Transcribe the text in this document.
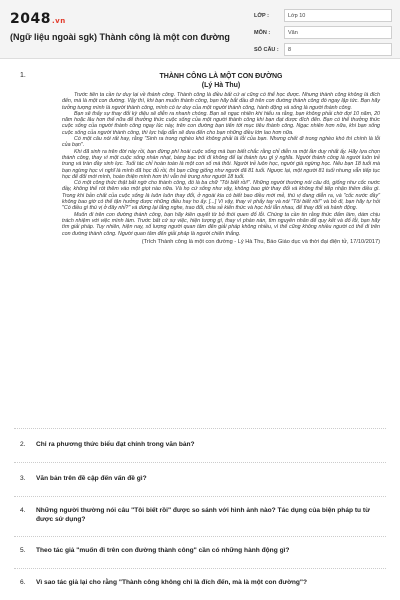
2048.vn
(Ngữ liệu ngoài sgk) Thành công là một con đường
LỚP :	Lớp 10
MÔN :	Văn
SỐ CÂU :	8
1.	THÀNH CÔNG LÀ MỘT CON ĐƯỜNG
(Lý Hà Thu)

Trước tiên ta cần tư duy lại về thành công. Thành công là điều bất cứ ai cũng có thể học được. Nhưng thành công không là đích đến, mà là một con đường. Vậy thì, khi bạn muốn thành công, bạn hãy bắt đầu đi trên con đường thành công đó ngay lập tức. Bạn hãy tưởng tượng mình là người thành công, mình có tư duy của một người thành công, hành động và sống là người thành công.

Bạn sẽ thấy sự thay đổi kỳ diệu sẽ diễn ra nhanh chóng. Bạn sẽ ngạc nhiên khi hiểu ra rằng, bạn không phải chờ đợi 10 năm, 20 năm hoặc lâu hơn thế nữa để thưởng thức cuộc sống của một người thành công khi bạn đạt được đích đến. Bạn có thể thưởng thức cuộc sống của người thành công ngay lúc này, trên con đường bạn tiến tới mục tiêu thành công. Ngạc nhiên hơn nữa, khi bạn sống cuộc sống của người thành công, thì lực hấp dẫn sẽ đưa đến cho bạn những điều lớn lao hơn nữa.

Có một câu nói rất hay, rằng "Sinh ra trong nghèo khó không phải là lỗi của bạn. Nhưng chết đi trong nghèo khó thì chính là lỗi của bạn".

Khi đã sinh ra trên đời này rồi, bạn đừng phí hoài cuộc sống mà bạn biết chắc rằng chỉ diễn ra một lần duy nhất ấy. Hãy lựa chọn thành công, thay vì một cuộc sống nhàn nhạt, bàng bạc trôi đi không để lại thành tựu gì ý nghĩa. Người thành công là người luôn trẻ trung và tràn đầy sinh lực. Tuổi tác chỉ hoàn toàn là một con số mà thôi. Người trẻ luôn học, người già ngừng học. Nếu bạn 18 tuổi mà bạn ngừng học vì nghĩ là mình đã học đủ rồi, thì bạn cũng giống như người đã 81 tuổi. Ngược lại, một người 81 tuổi nhưng vẫn tiếp tục học để đổi mới mình, hoàn thiện mình hơn thì vẫn trẻ trung như người 18 tuổi.

Có một công thức thật bất ngờ cho thành công, đó là ba chữ "Tôi biết rồi!". Những người thường nói câu đó, giống như cốc nước đầy, không thể rót thêm vào một giọt nào nữa. Và họ cứ sống như vậy, không bao giờ thay đổi và không thể tiếp nhận thêm điều gì. Trong khi bản chất của cuộc sống là luôn luôn thay đổi, ở ngoài kia có biết bao điều mới mẻ, thú vị đang diễn ra, và "cốc nước đầy" không bao giờ có thể tận hưởng được những điều hay ho ấy. [...] Vì vậy, thay vì phẩy tay và nói "Tôi biết rồi!" và bỏ đi, bạn hãy tự hỏi "Có điều gì thú vị ở đây nhỉ?" và dừng lại lắng nghe, trao đổi, chia sẻ kiến thức và học hỏi lẫn nhau, để thay đổi và hành động.

Muốn đi trên con đường thành công, bạn hãy kiên quyết từ bỏ thói quen đổ lỗi. Chúng ta cần tin rằng thức đẩm làm, dám chịu trách nhiệm với việc mình làm. Trước bất cứ sự việc, hiện tượng gì, thay vì phàn nàn, tìm nguyên nhân để quy kết và đổ lỗi, bạn hãy tìm giải pháp. Tuy nhiên, hiện nay, số lượng người quan tâm đến giải pháp không nhiều, vì thế cũng không nhiều người có thể đi trên con đường thành công. Người quan tâm đến giải pháp là người chiến thắng.

(Trích Thành công là một con đường - Lý Hà Thu, Báo Giáo dục và thời đại điện tử, 17/10/2017)
2. Chỉ ra phương thức biểu đạt chính trong văn bản?
3. Văn bản trên đề cập đến vấn đề gì?
4. Những người thường nói câu "Tôi biết rồi" được so sánh với hình ảnh nào? Tác dụng của biện pháp tu từ được sử dụng?
5. Theo tác giả "muốn đi trên con đường thành công" cần có những hành động gì?
6. Vì sao tác giả lại cho rằng "Thành công không chỉ là đích đến, mà là một con đường"?
